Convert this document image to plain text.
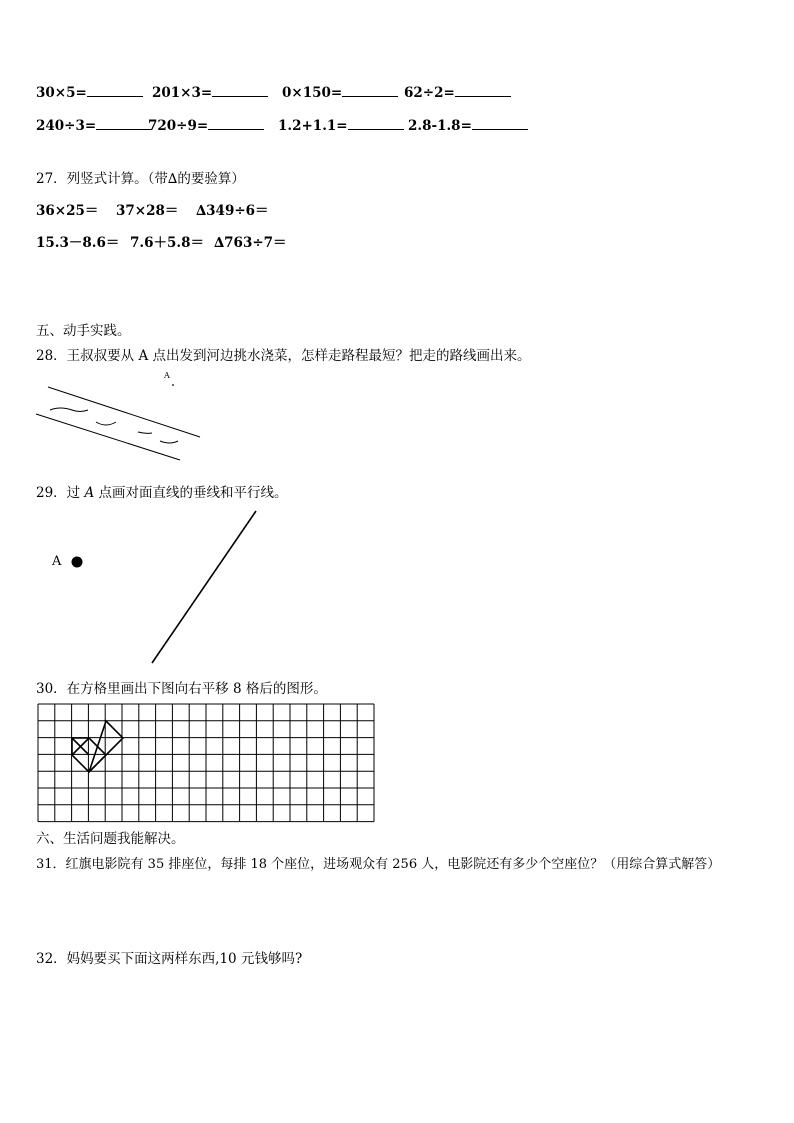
30×5=	201×3=	0×150=	62÷2=
240÷3=	720÷9=	1.2+1.1=	2.8-1.8=
27．列竖式计算。（带∆的要验算）
36×25＝ 37×28＝ ∆349÷6＝
15.3－8.6＝ 7.6＋5.8＝ ∆763÷7＝
五、动手实践。
28．王叔叔要从 A 点出发到河边挑水浇菜，怎样走路程最短？把走的路线画出来。
A
29．过 A 点画对面直线的垂线和平行线。
A
30．在方格里画出下图向右平移 8 格后的图形。
六、生活问题我能解决。
31．红旗电影院有 35 排座位，每排 18 个座位，进场观众有 256 人，电影院还有多少个空座位？（用综合算式解答）
32．妈妈要买下面这两样东西,10 元钱够吗?
